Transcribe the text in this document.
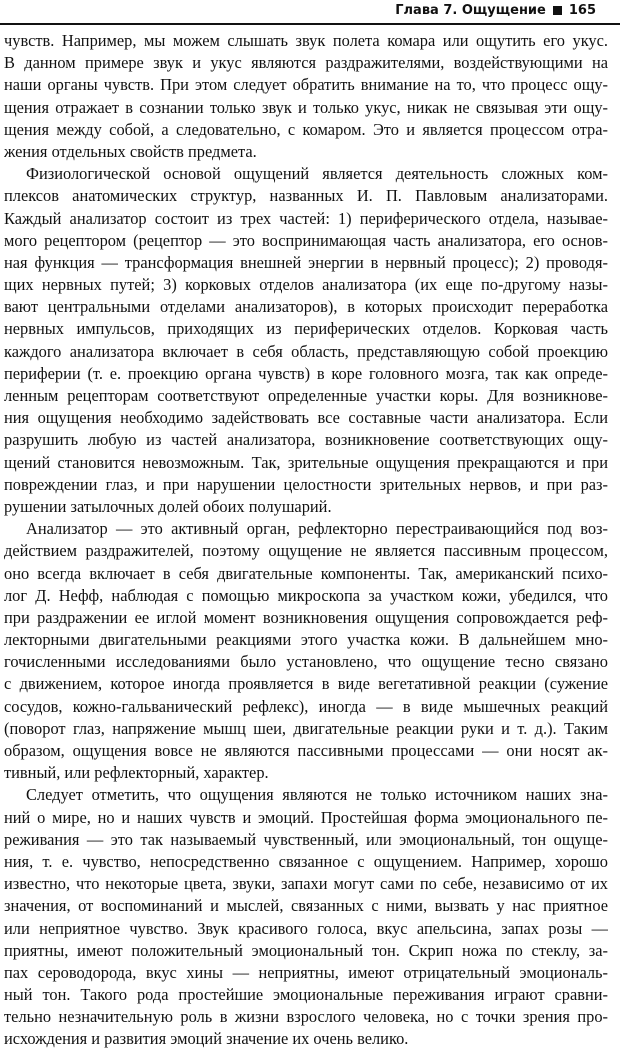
Глава 7. Ощущение 165
чувств. Например, мы можем слышать звук полета комара или ощутить его укус.
В данном примере звук и укус являются раздражителями, воздействующими на
наши органы чувств. При этом следует обратить внимание на то, что процесс ощу-
щения отражает в сознании только звук и только укус, никак не связывая эти ощу-
щения между собой, а следовательно, с комаром. Это и является процессом отра-
жения отдельных свойств предмета.
Физиологической основой ощущений является деятельность сложных ком-
плексов анатомических структур, названных И. П. Павловым анализаторами.
Каждый анализатор состоит из трех частей: 1) периферического отдела, называе-
мого рецептором (рецептор — это воспринимающая часть анализатора, его основ-
ная функция — трансформация внешней энергии в нервный процесс); 2) проводя-
щих нервных путей; 3) корковых отделов анализатора (их еще по-другому назы-
вают центральными отделами анализаторов), в которых происходит переработка
нервных импульсов, приходящих из периферических отделов. Корковая часть
каждого анализатора включает в себя область, представляющую собой проекцию
периферии (т. е. проекцию органа чувств) в коре головного мозга, так как опреде-
ленным рецепторам соответствуют определенные участки коры. Для возникнове-
ния ощущения необходимо задействовать все составные части анализатора. Если
разрушить любую из частей анализатора, возникновение соответствующих ощу-
щений становится невозможным. Так, зрительные ощущения прекращаются и при
повреждении глаз, и при нарушении целостности зрительных нервов, и при раз-
рушении затылочных долей обоих полушарий.
Анализатор — это активный орган, рефлекторно перестраивающийся под воз-
действием раздражителей, поэтому ощущение не является пассивным процессом,
оно всегда включает в себя двигательные компоненты. Так, американский психо-
лог Д. Нефф, наблюдая с помощью микроскопа за участком кожи, убедился, что
при раздражении ее иглой момент возникновения ощущения сопровождается реф-
лекторными двигательными реакциями этого участка кожи. В дальнейшем мно-
гочисленными исследованиями было установлено, что ощущение тесно связано
с движением, которое иногда проявляется в виде вегетативной реакции (сужение
сосудов, кожно-гальванический рефлекс), иногда — в виде мышечных реакций
(поворот глаз, напряжение мышц шеи, двигательные реакции руки и т. д.). Таким
образом, ощущения вовсе не являются пассивными процессами — они носят ак-
тивный, или рефлекторный, характер.
Следует отметить, что ощущения являются не только источником наших зна-
ний о мире, но и наших чувств и эмоций. Простейшая форма эмоционального пе-
реживания — это так называемый чувственный, или эмоциональный, тон ощуще-
ния, т. е. чувство, непосредственно связанное с ощущением. Например, хорошо
известно, что некоторые цвета, звуки, запахи могут сами по себе, независимо от их
значения, от воспоминаний и мыслей, связанных с ними, вызвать у нас приятное
или неприятное чувство. Звук красивого голоса, вкус апельсина, запах розы —
приятны, имеют положительный эмоциональный тон. Скрип ножа по стеклу, за-
пах сероводорода, вкус хины — неприятны, имеют отрицательный эмоциональ-
ный тон. Такого рода простейшие эмоциональные переживания играют сравни-
тельно незначительную роль в жизни взрослого человека, но с точки зрения про-
исхождения и развития эмоций значение их очень велико.
